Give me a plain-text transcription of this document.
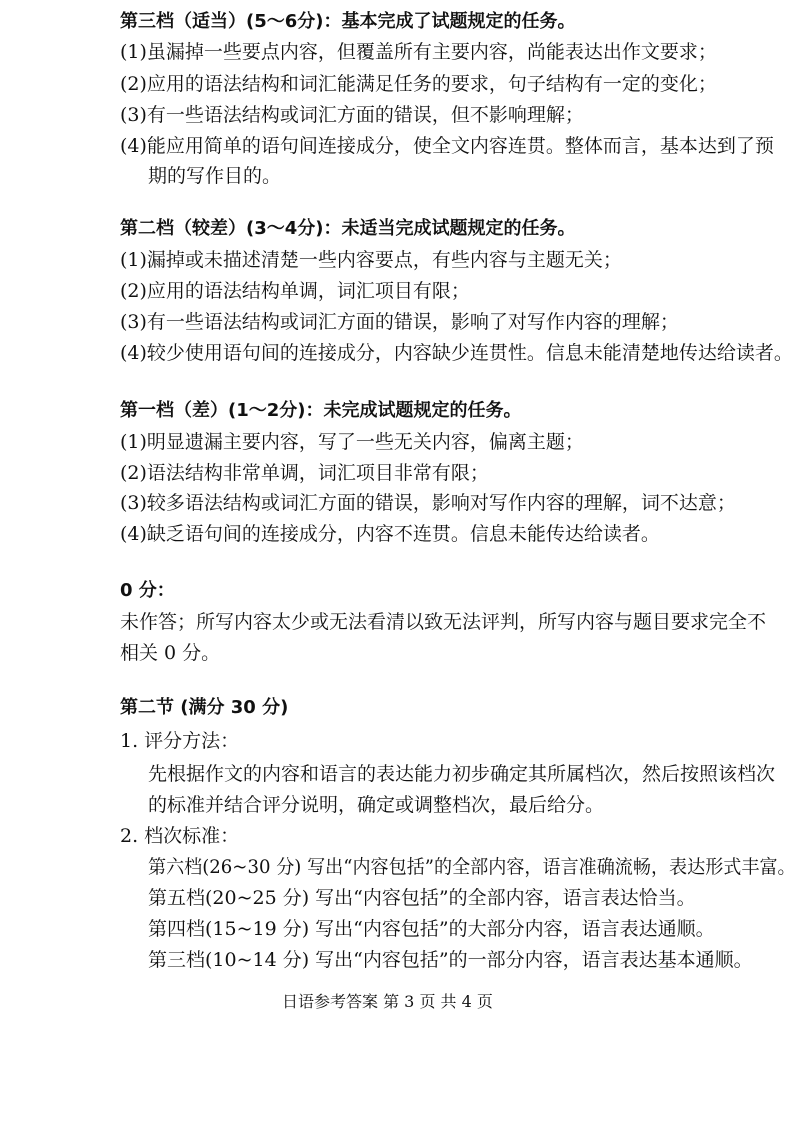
第三档（适当）(5～6分)：基本完成了试题规定的任务。
(1)虽漏掉一些要点内容，但覆盖所有主要内容，尚能表达出作文要求；
(2)应用的语法结构和词汇能满足任务的要求，句子结构有一定的变化；
(3)有一些语法结构或词汇方面的错误，但不影响理解；
(4)能应用简单的语句间连接成分，使全文内容连贯。整体而言，基本达到了预
期的写作目的。
第二档（较差）(3～4分)：未适当完成试题规定的任务。
(1)漏掉或未描述清楚一些内容要点，有些内容与主题无关；
(2)应用的语法结构单调，词汇项目有限；
(3)有一些语法结构或词汇方面的错误，影响了对写作内容的理解；
(4)较少使用语句间的连接成分，内容缺少连贯性。信息未能清楚地传达给读者。
第一档（差）(1～2分)：未完成试题规定的任务。
(1)明显遗漏主要内容，写了一些无关内容，偏离主题；
(2)语法结构非常单调，词汇项目非常有限；
(3)较多语法结构或词汇方面的错误，影响对写作内容的理解，词不达意；
(4)缺乏语句间的连接成分，内容不连贯。信息未能传达给读者。
0 分：
未作答；所写内容太少或无法看清以致无法评判，所写内容与题目要求完全不
相关 0 分。
第二节 (满分 30 分)
1. 评分方法：
先根据作文的内容和语言的表达能力初步确定其所属档次，然后按照该档次
的标准并结合评分说明，确定或调整档次，最后给分。
2. 档次标准：
第六档(26~30 分) 写出“内容包括”的全部内容，语言准确流畅，表达形式丰富。
第五档(20~25 分) 写出“内容包括”的全部内容，语言表达恰当。
第四档(15~19 分) 写出“内容包括”的大部分内容，语言表达通顺。
第三档(10~14 分) 写出“内容包括”的一部分内容，语言表达基本通顺。
日语参考答案 第 3 页 共 4 页
